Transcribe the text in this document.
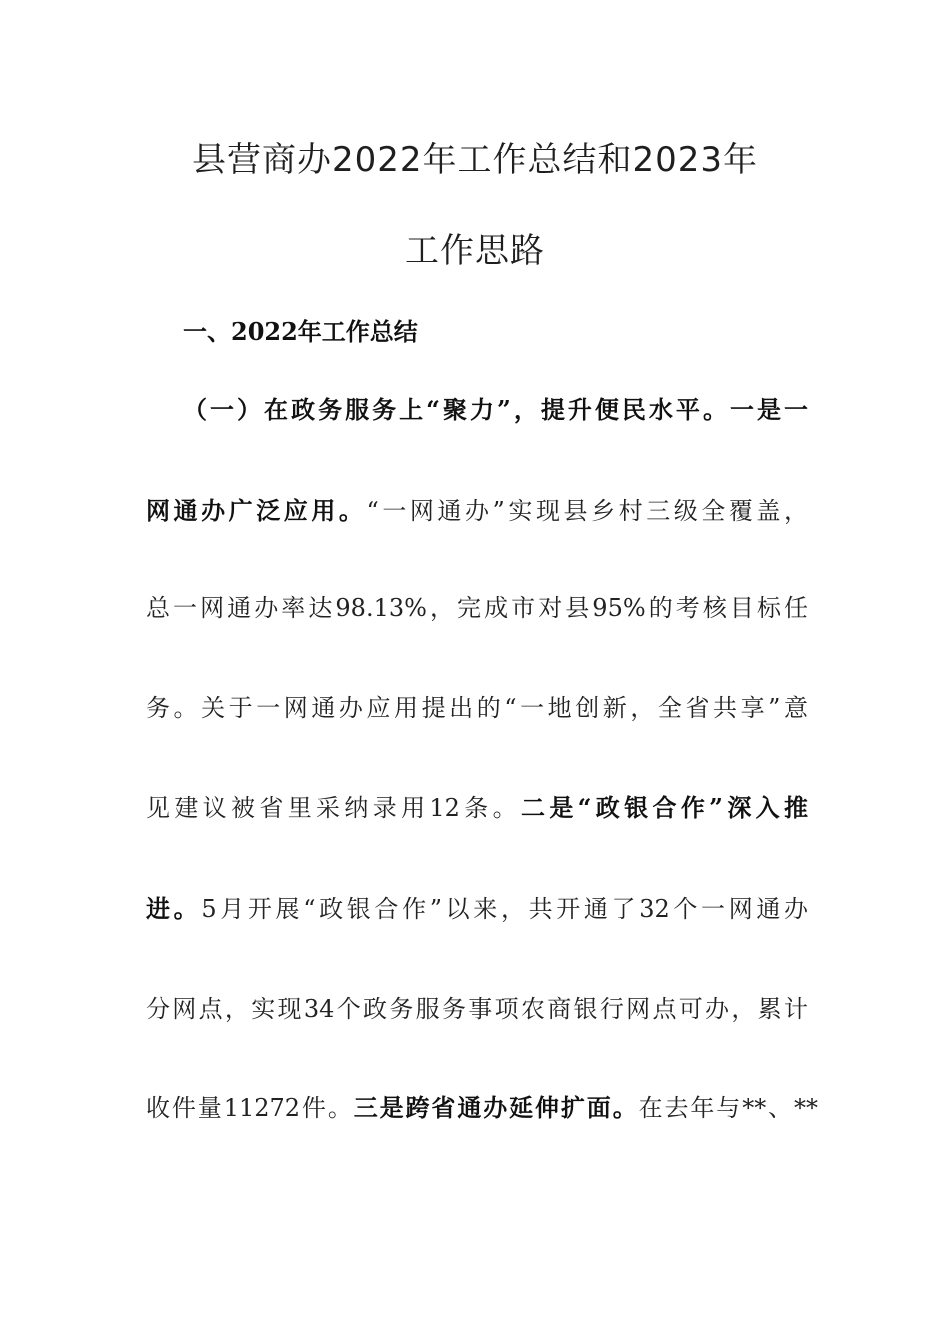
县营商办2022年工作总结和2023年
工作思路
一、2022年工作总结
（一）在政务服务上“聚力”，提升便民水平。一是一
网通办广泛应用。“一网通办”实现县乡村三级全覆盖，
总一网通办率达98.13%，完成市对县95%的考核目标任
务。关于一网通办应用提出的“一地创新，全省共享”意
见建议被省里采纳录用12条。二是“政银合作”深入推
进。5月开展“政银合作”以来，共开通了32个一网通办
分网点，实现34个政务服务事项农商银行网点可办，累计
收件量11272件。三是跨省通办延伸扩面。在去年与**、**
